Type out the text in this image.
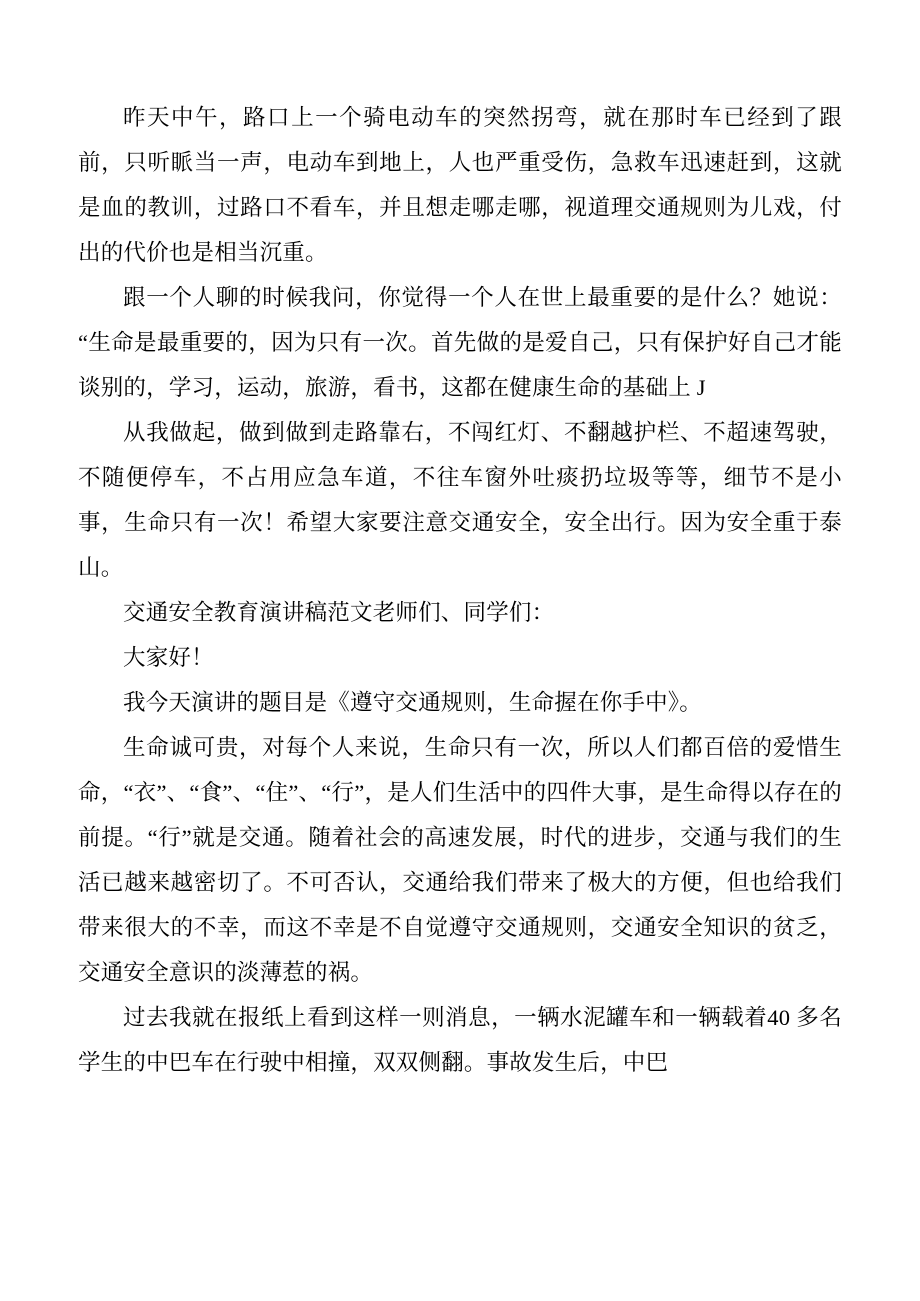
昨天中午，路口上一个骑电动车的突然拐弯，就在那时车已经到了跟前，只听眽当一声，电动车到地上，人也严重受伤，急救车迅速赶到，这就是血的教训，过路口不看车，并且想走哪走哪，视道理交通规则为儿戏，付出的代价也是相当沉重。

跟一个人聊的时候我问，你觉得一个人在世上最重要的是什么？她说：“生命是最重要的，因为只有一次。首先做的是爱自己，只有保护好自己才能谈别的，学习，运动，旅游，看书，这都在健康生命的基础上 J

从我做起，做到做到走路靠右，不闯红灯、不翻越护栏、不超速驾驶，不随便停车，不占用应急车道，不往车窗外吐痰扔垃圾等等，细节不是小事，生命只有一次！希望大家要注意交通安全，安全出行。因为安全重于泰山。

交通安全教育演讲稿范文老师们、同学们：

大家好！

我今天演讲的题目是《遵守交通规则，生命握在你手中》。

生命诚可贵，对每个人来说，生命只有一次，所以人们都百倍的爱惜生命，“衣”、“食”、“住”、“行”，是人们生活中的四件大事，是生命得以存在的前提。“行”就是交通。随着社会的高速发展，时代的进步，交通与我们的生活已越来越密切了。不可否认，交通给我们带来了极大的方便，但也给我们带来很大的不幸，而这不幸是不自觉遵守交通规则，交通安全知识的贫乏，交通安全意识的淡薄惹的祸。

过去我就在报纸上看到这样一则消息，一辆水泥罐车和一辆载着40 多名学生的中巴车在行驶中相撞，双双侧翻。事故发生后，中巴
